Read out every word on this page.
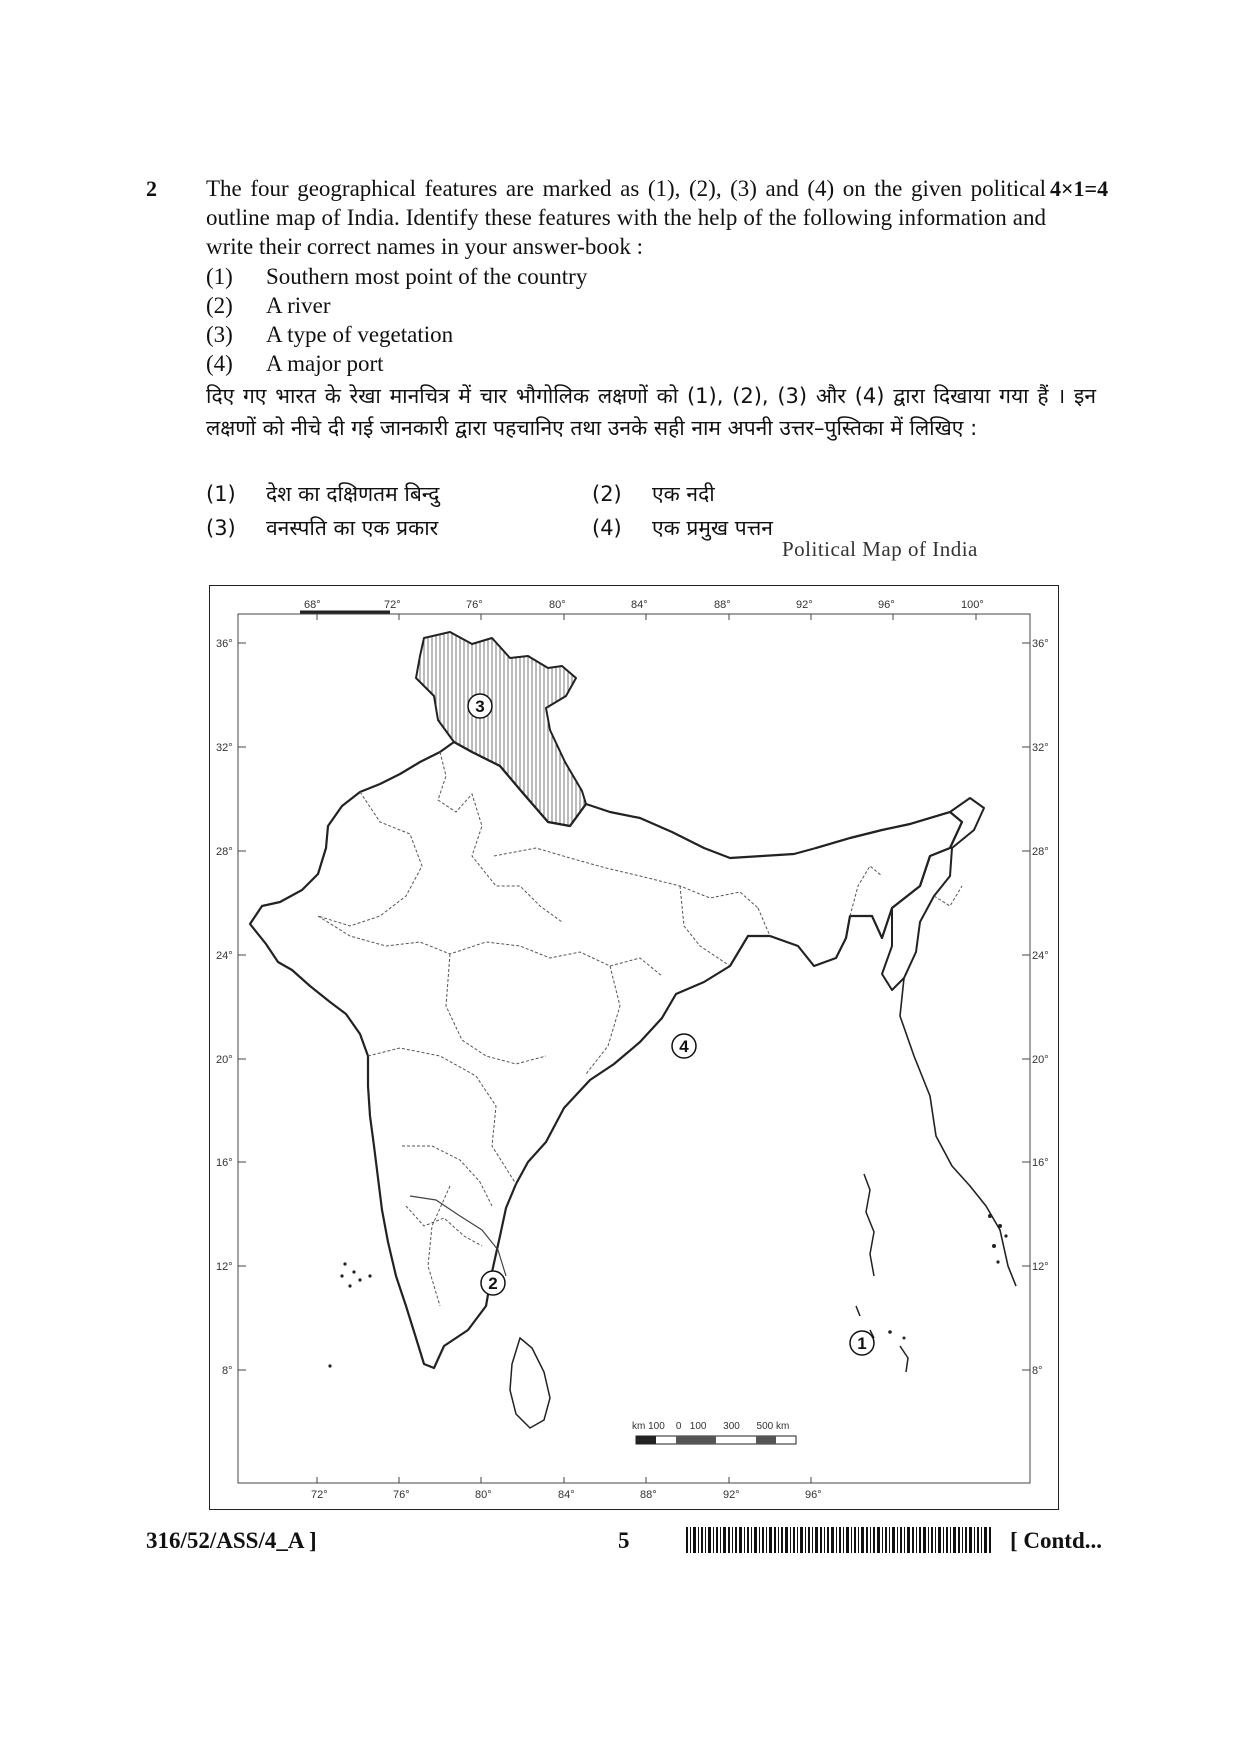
2	4×1=4
The four geographical features are marked as (1), (2), (3) and (4) on the given political outline map of India. Identify these features with the help of the following information and write their correct names in your answer-book :
(1)	Southern most point of the country
(2)	A river
(3)	A type of vegetation
(4)	A major port
दिए गए भारत के रेखा मानचित्र में चार भौगोलिक लक्षणों को (1), (2), (3) और (4) द्वारा दिखाया गया हैं । इन लक्षणों को नीचे दी गई जानकारी द्वारा पहचानिए तथा उनके सही नाम अपनी उत्तर–पुस्तिका में लिखिए :
(1)	देश का दक्षिणतम बिन्दु	(2)	एक नदी
(3)	वनस्पति का एक प्रकार	(4)	एक प्रमुख पत्तन
Political Map of India
68°	72°	76°	80°	84°	88°	92°	96°	100°
72°	76°	80°	84°	88°	92°	96°
36°
32°
28°
24°
20°
16°
12°
8°
36°
32°
28°
24°
20°
16°
12°
8°
1
2
3
4
km 100    0   100      300      500 km
316/52/ASS/4_A ]	5	[ Contd...
